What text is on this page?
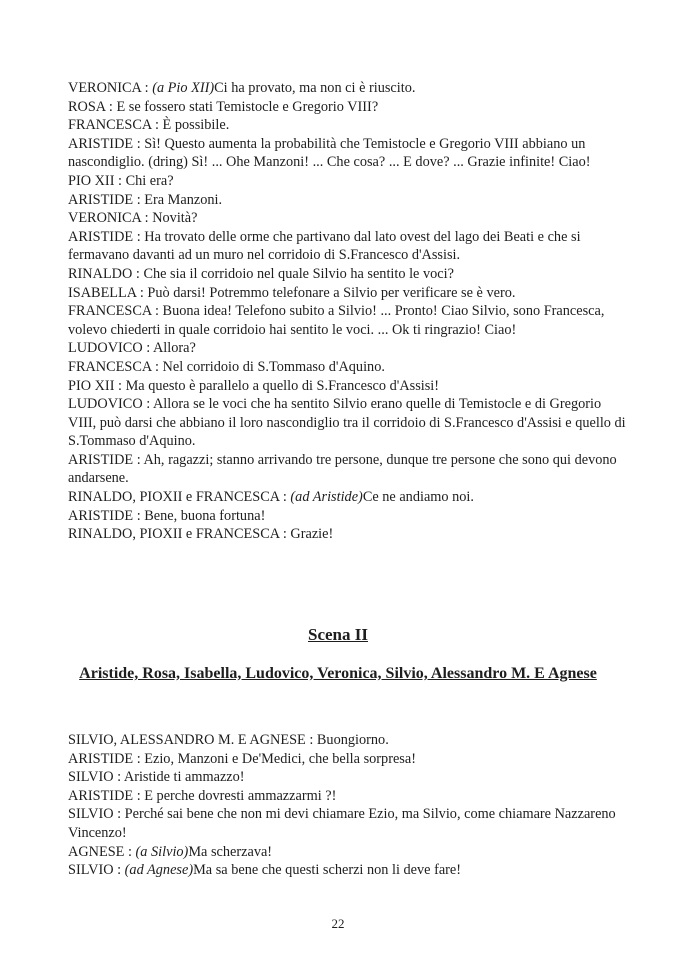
VERONICA : (a Pio XII)Ci ha provato, ma non ci è riuscito.

ROSA : E se fossero stati Temistocle e Gregorio VIII?

FRANCESCA : È possibile.

ARISTIDE : Sì! Questo aumenta la probabilità che Temistocle e Gregorio VIII abbiano un nascondiglio. (dring) Sì! ... Ohe Manzoni! ... Che cosa? ... E dove? ... Grazie infinite! Ciao!

PIO XII : Chi era?

ARISTIDE : Era Manzoni.

VERONICA : Novità?

ARISTIDE : Ha trovato delle orme che partivano dal lato ovest del lago dei Beati e che si fermavano davanti ad un muro nel corridoio di S.Francesco d'Assisi.

RINALDO : Che sia il corridoio nel quale Silvio ha sentito le voci?

ISABELLA : Può darsi! Potremmo telefonare a Silvio per verificare se è vero.

FRANCESCA : Buona idea! Telefono subito a Silvio! ... Pronto! Ciao Silvio, sono Francesca, volevo chiederti in quale corridoio hai sentito le voci. ... Ok ti ringrazio! Ciao!

LUDOVICO : Allora?

FRANCESCA : Nel corridoio di S.Tommaso d'Aquino.

PIO XII : Ma questo è parallelo a quello di S.Francesco d'Assisi!

LUDOVICO : Allora se le voci che ha sentito Silvio erano quelle di Temistocle e di Gregorio VIII, può darsi che abbiano il loro nascondiglio tra il corridoio di S.Francesco d'Assisi e quello di S.Tommaso d'Aquino.

ARISTIDE : Ah, ragazzi; stanno arrivando tre persone, dunque tre persone che sono qui devono andarsene.

RINALDO, PIOXII e FRANCESCA : (ad Aristide)Ce ne andiamo noi.

ARISTIDE : Bene, buona fortuna!

RINALDO, PIOXII e FRANCESCA : Grazie!

Scena II
Aristide, Rosa, Isabella, Ludovico, Veronica, Silvio, Alessandro M. E Agnese

SILVIO, ALESSANDRO M. E AGNESE : Buongiorno.

ARISTIDE : Ezio, Manzoni e De'Medici, che bella sorpresa!

SILVIO : Aristide ti ammazzo!

ARISTIDE : E perche dovresti ammazzarmi ?!

SILVIO : Perché sai bene che non mi devi chiamare Ezio, ma Silvio, come chiamare Nazzareno Vincenzo!

AGNESE : (a Silvio)Ma scherzava!

SILVIO : (ad Agnese)Ma sa bene che questi scherzi non li deve fare!

22
